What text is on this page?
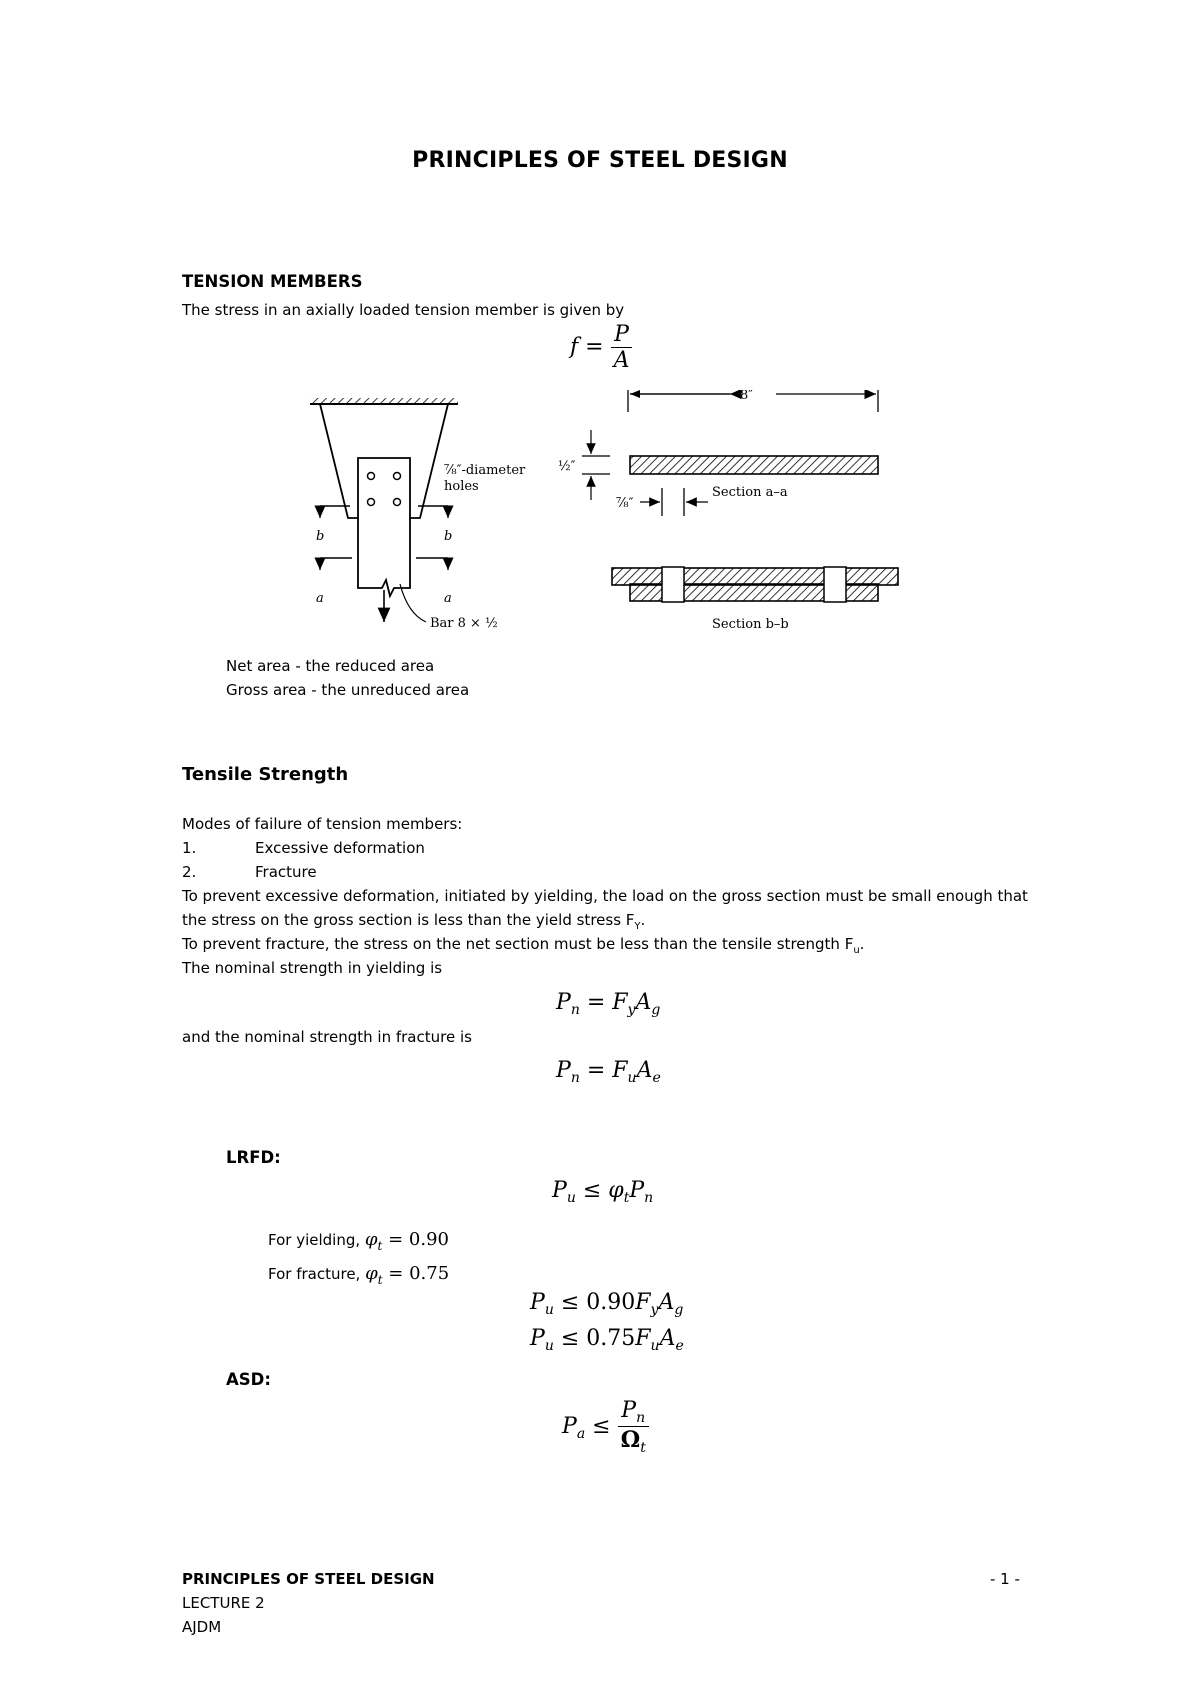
PRINCIPLES OF STEEL DESIGN
TENSION MEMBERS
The stress in an axially loaded tension member is given by
$f = \frac{P}{A}$
b	b
a	a
⅞″-diameter
holes
Bar 8 × ½
8″
½″
Section a–a
⅞″
Section b–b
Net area - the reduced area
Gross area - the unreduced area
Tensile Strength
Modes of failure of tension members:
1.	Excessive deformation
2.	Fracture
To prevent excessive deformation, initiated by yielding, the load on the gross section must be small enough that
the stress on the gross section is less than the yield stress $F_Y$.
To prevent fracture, the stress on the net section must be less than the tensile strength $F_u$.
The nominal strength in yielding is
$P_n = F_yA_g$
and the nominal strength in fracture is
$P_n = F_uA_e$
LRFD:
$P_u \le \varphi_tP_n$
For yielding, $\varphi_t = 0.90$
For fracture, $\varphi_t = 0.75$
$P_u \le 0.90F_yA_g$
$P_u \le 0.75F_uA_e$
ASD:
$P_a \le \frac{P_n}{\Omega_t}$
PRINCIPLES OF STEEL DESIGN
LECTURE 2
AJDM
- 1 -
